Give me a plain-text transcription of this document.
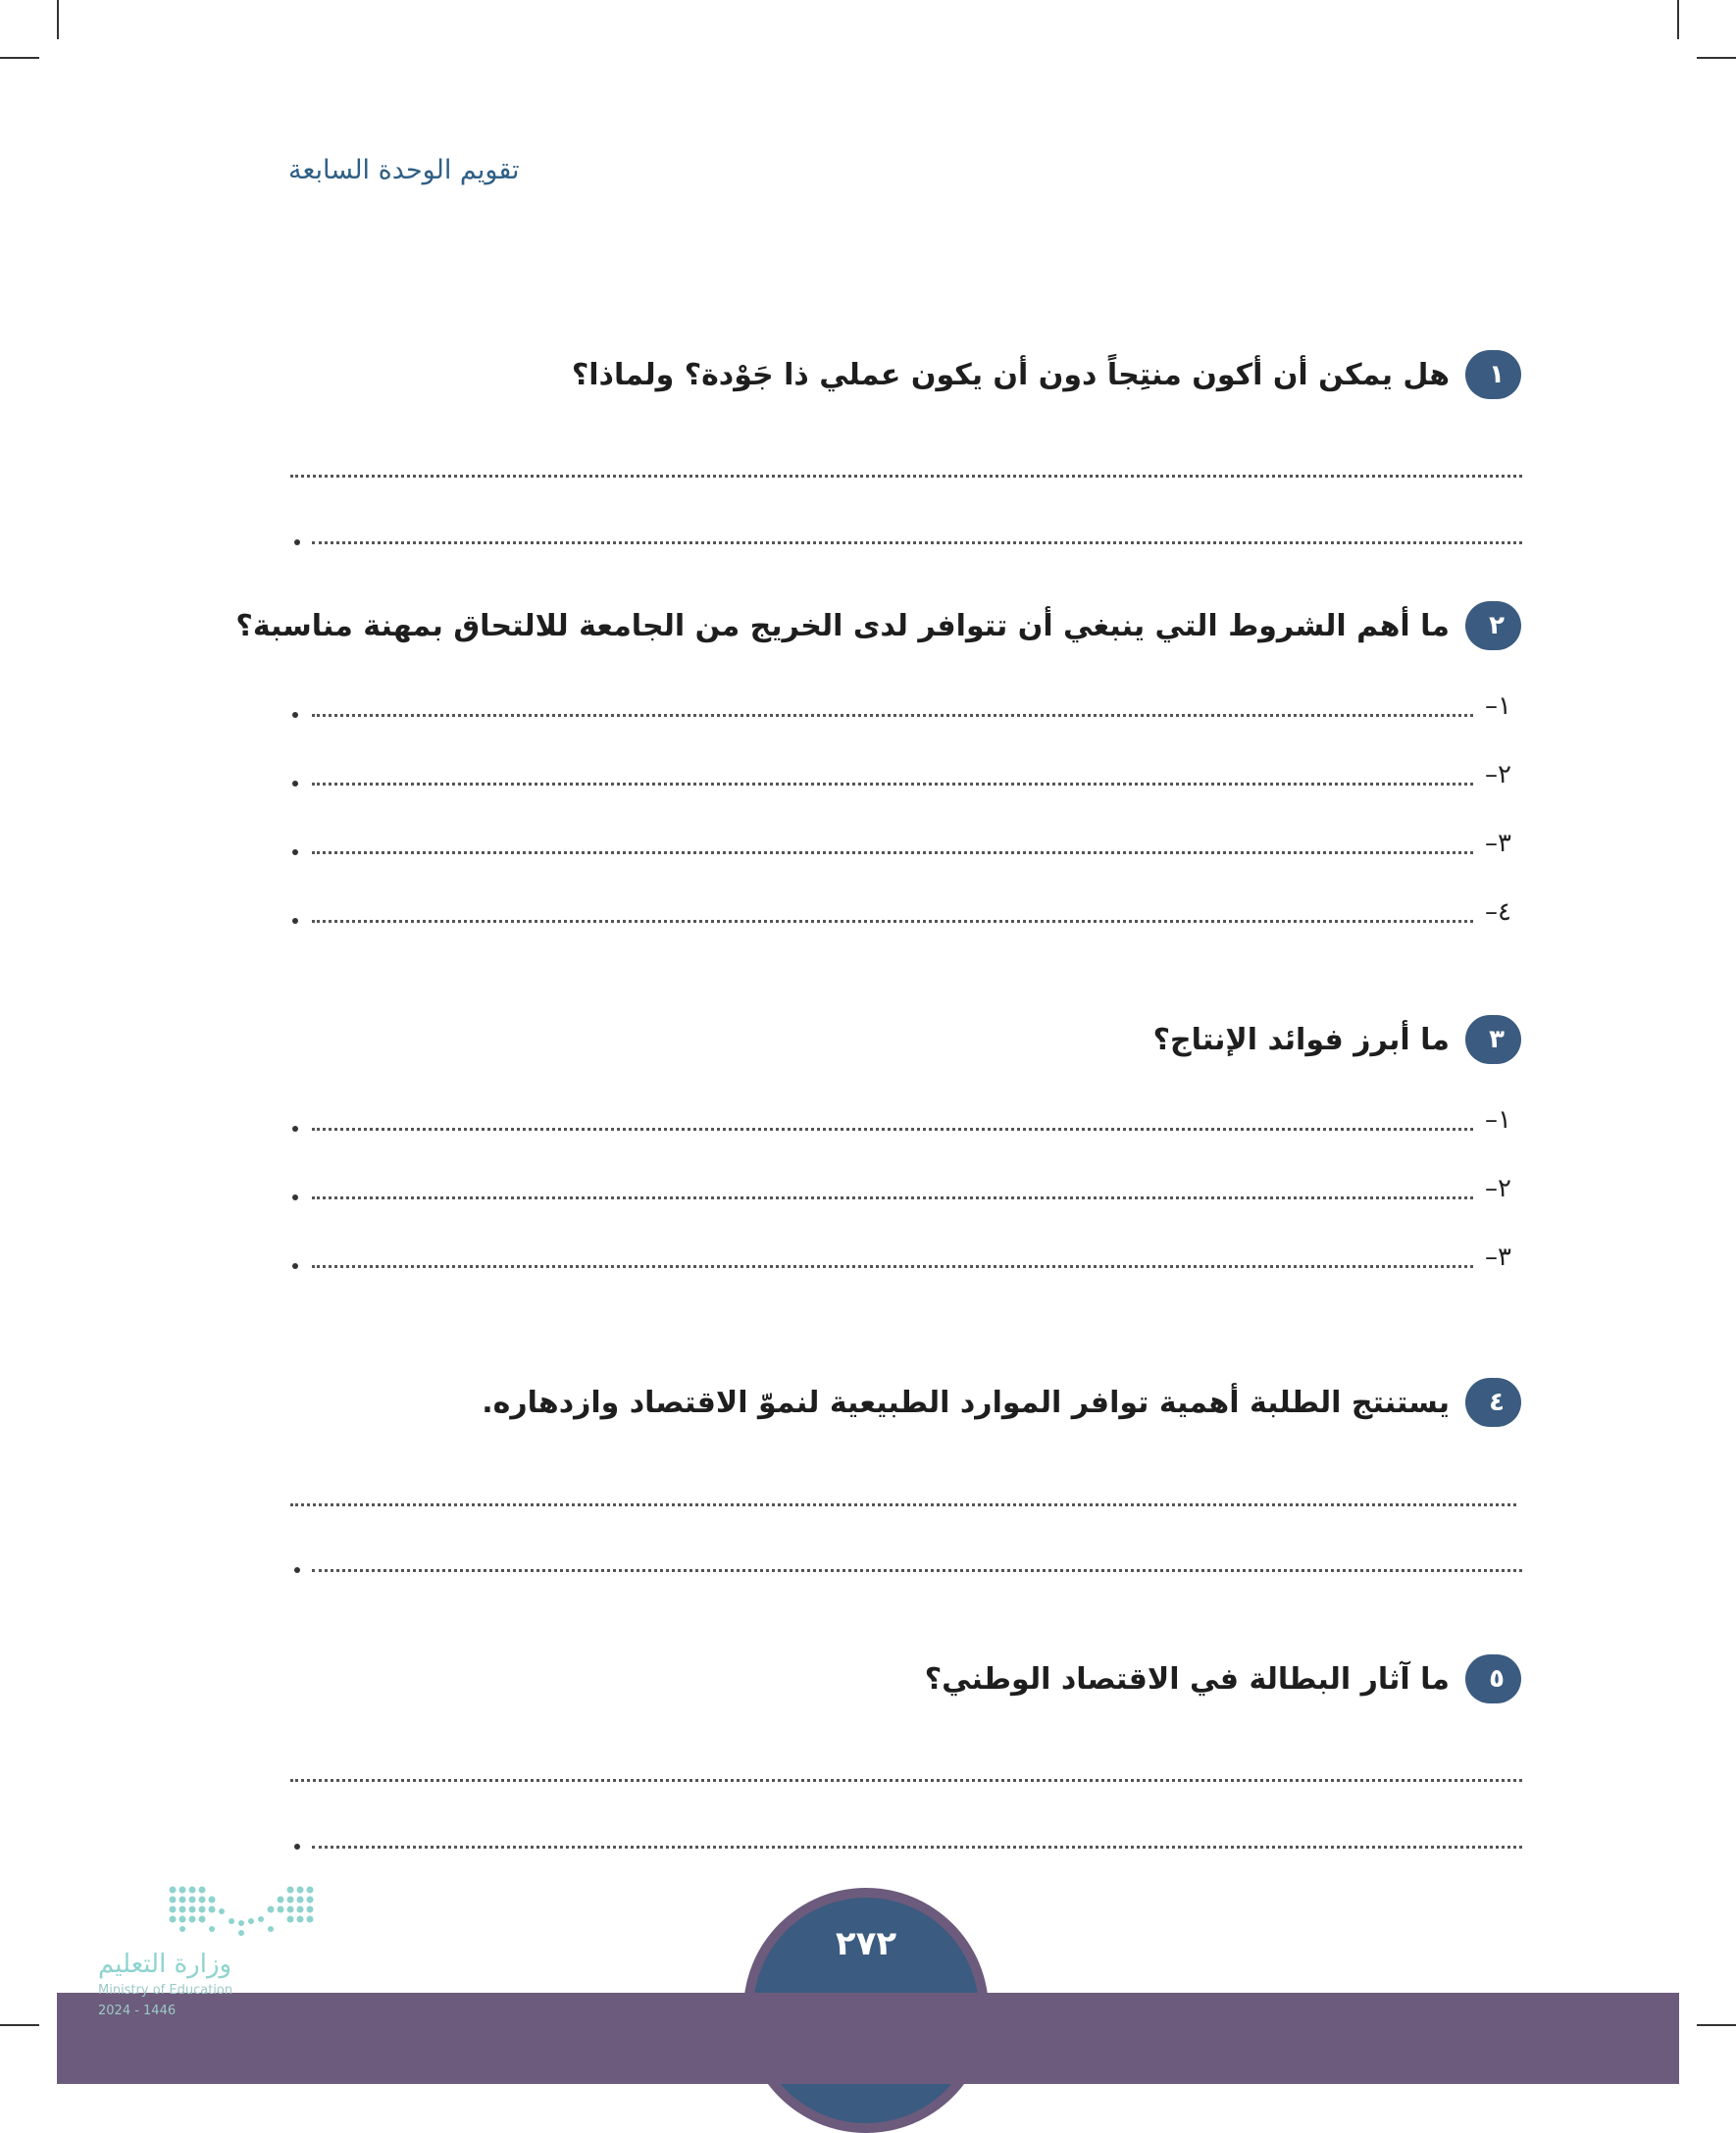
تقويم الوحدة السابعة
١
هل يمكن أن أكون منتِجاً دون أن يكون عملي ذا جَوْدة؟ ولماذا؟
٢
ما أهم الشروط التي ينبغي أن تتوافر لدى الخريج من الجامعة للالتحاق بمهنة مناسبة؟
١–
٢–
٣–
٤–
٣
ما أبرز فوائد الإنتاج؟
١–
٢–
٣–
٤
يستنتج الطلبة أهمية توافر الموارد الطبيعية لنموّ الاقتصاد وازدهاره.
٥
ما آثار البطالة في الاقتصاد الوطني؟
٢٧٢
وزارة التعليم
Ministry of Education
2024 - 1446
